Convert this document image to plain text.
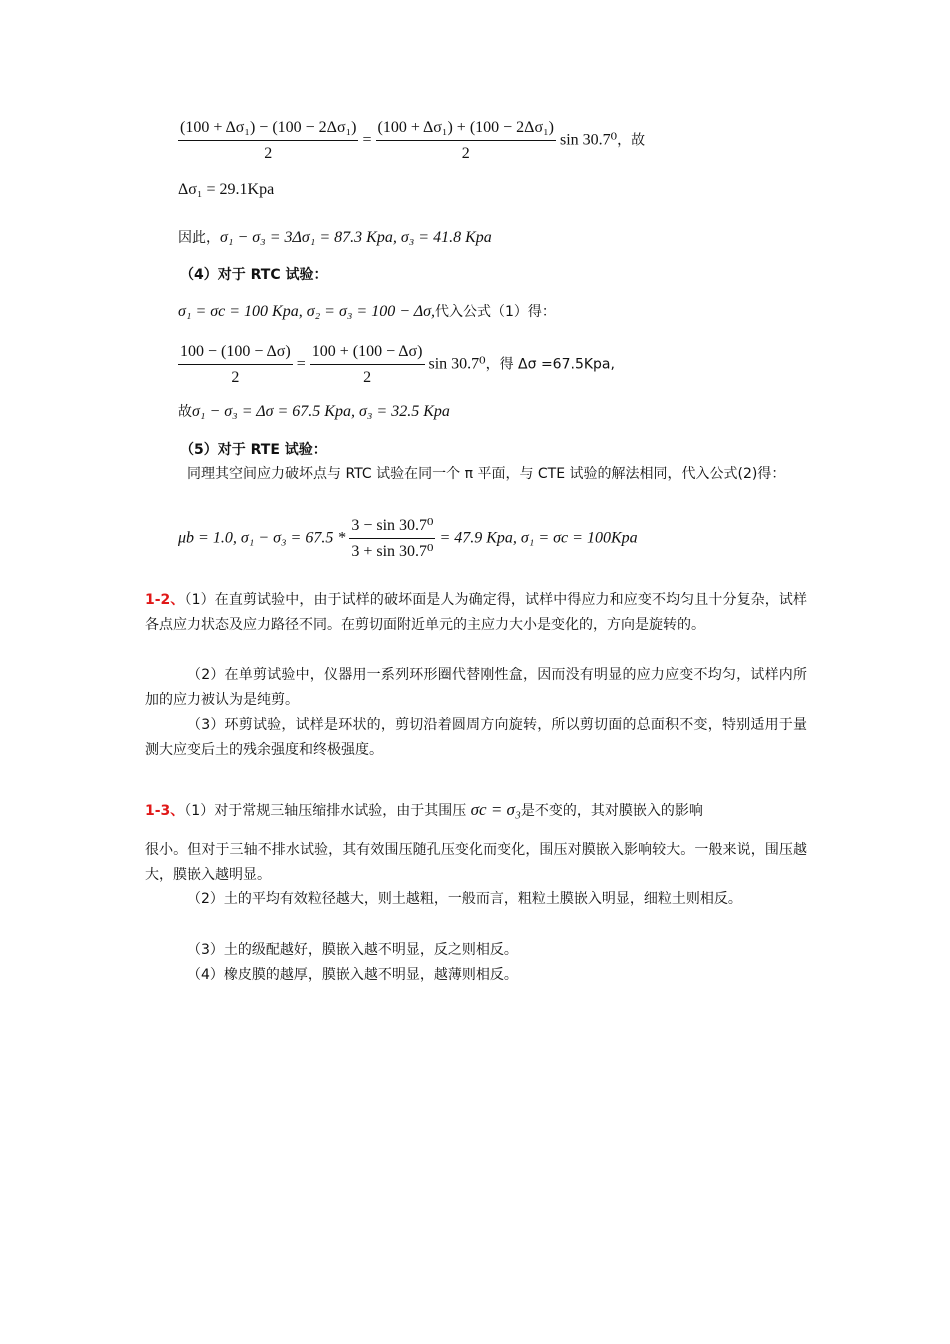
$\frac{\text{(100 + Δσ₁) − (100 − 2Δσ₁)}}{2} = \frac{\text{(100 + Δσ₁) + (100 − 2Δσ₁)}}{2}$ sin 30.7⁰，故
Δσ₁ = 29.1Kpa
因此，σ₁ − σ₃ = 3Δσ₁ = 87.3 Kpa, σ₃ = 41.8 Kpa
（4）对于 RTC 试验：
σ₁ = σc = 100 Kpa, σ₂ = σ₃ = 100 − Δσ,代入公式（1）得：
$\frac{100 - (100 - \Delta\sigma)}{2} = \frac{100 + (100 - \Delta\sigma)}{2}$ sin 30.7⁰，得 Δσ =67.5Kpa,
故σ₁ − σ₃ = Δσ = 67.5 Kpa, σ₃ = 32.5 Kpa
（5）对于 RTE 试验：
同理其空间应力破坏点与 RTC 试验在同一个 π 平面，与 CTE 试验的解法相同，代入公式(2)得：
μb = 1.0, $\sigma_1 - \sigma_3 = 67.5 * \frac{\text{3 − sin 30.7⁰}}{\text{3 + sin 30.7⁰}} = 47.9$ Kpa, σ₁ = σc = 100Kpa
1-2、（1）在直剪试验中，由于试样的破坏面是人为确定得，试样中得应力和应变不均匀且十分复杂，试样各点应力状态及应力路径不同。在剪切面附近单元的主应力大小是变化的，方向是旋转的。
（2）在单剪试验中，仪器用一系列环形圈代替刚性盒，因而没有明显的应力应变不均匀，试样内所加的应力被认为是纯剪。
（3）环剪试验，试样是环状的，剪切沿着圆周方向旋转，所以剪切面的总面积不变，特别适用于量测大应变后土的残余强度和终极强度。
1-3、（1）对于常规三轴压缩排水试验，由于其围压 σc = σ₃是不变的，其对膜嵌入的影响
很小。但对于三轴不排水试验，其有效围压随孔压变化而变化，围压对膜嵌入影响较大。一般来说，围压越大，膜嵌入越明显。
（2）土的平均有效粒径越大，则土越粗，一般而言，粗粒土膜嵌入明显，细粒土则相反。
（3）土的级配越好，膜嵌入越不明显，反之则相反。
（4）橡皮膜的越厚，膜嵌入越不明显，越薄则相反。
